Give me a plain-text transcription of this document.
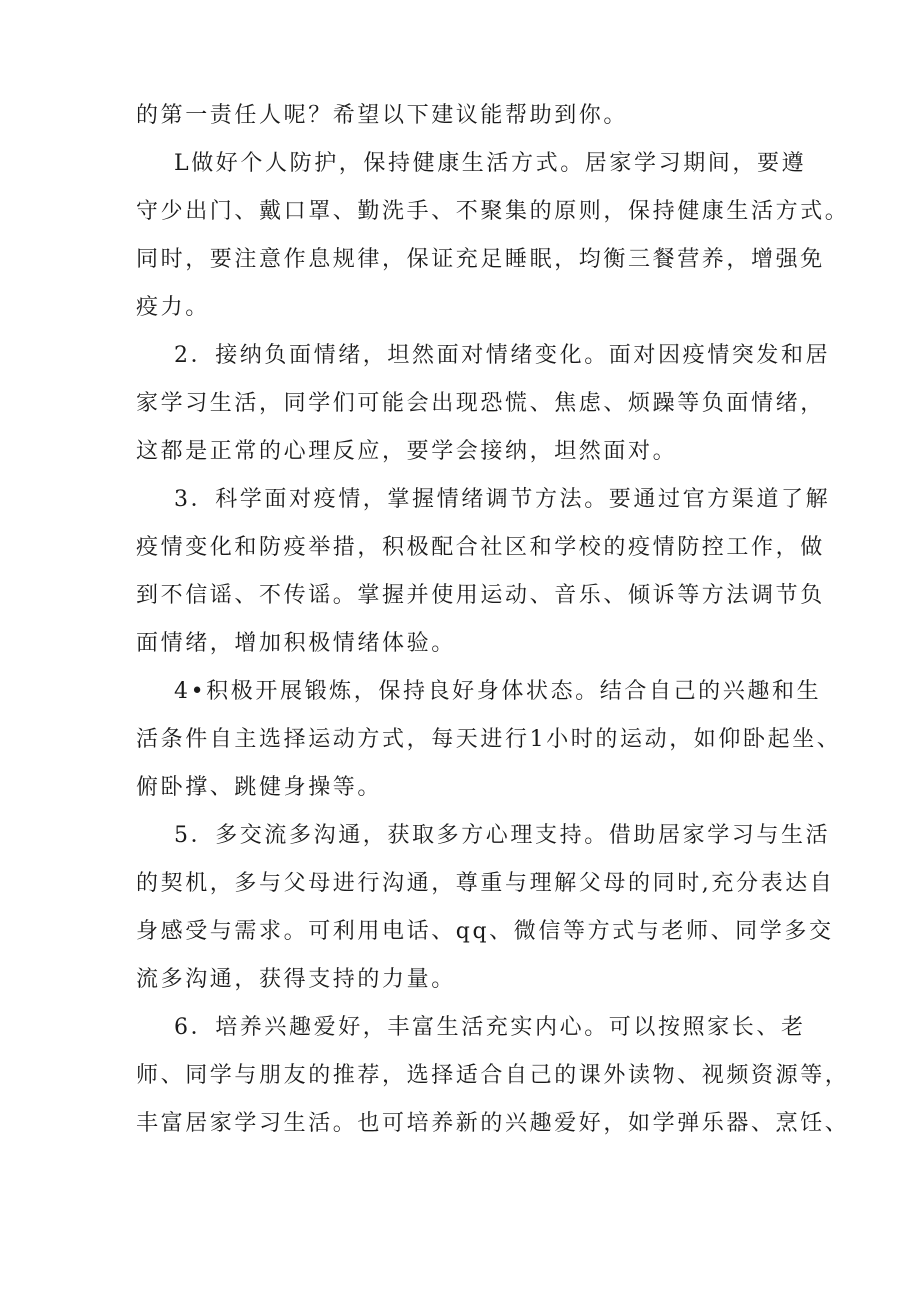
的第一责任人呢？希望以下建议能帮助到你。
L做好个人防护，保持健康生活方式。居家学习期间，要遵
守少出门、戴口罩、勤洗手、不聚集的原则，保持健康生活方式。
同时，要注意作息规律，保证充足睡眠，均衡三餐营养，增强免
疫力。
2．接纳负面情绪，坦然面对情绪变化。面对因疫情突发和居
家学习生活，同学们可能会出现恐慌、焦虑、烦躁等负面情绪，
这都是正常的心理反应，要学会接纳，坦然面对。
3．科学面对疫情，掌握情绪调节方法。要通过官方渠道了解
疫情变化和防疫举措，积极配合社区和学校的疫情防控工作，做
到不信谣、不传谣。掌握并使用运动、音乐、倾诉等方法调节负
面情绪，增加积极情绪体验。
4•积极开展锻炼，保持良好身体状态。结合自己的兴趣和生
活条件自主选择运动方式，每天进行1小时的运动，如仰卧起坐、
俯卧撑、跳健身操等。
5．多交流多沟通，获取多方心理支持。借助居家学习与生活
的契机，多与父母进行沟通，尊重与理解父母的同时,充分表达自
身感受与需求。可利用电话、qq、微信等方式与老师、同学多交
流多沟通，获得支持的力量。
6．培养兴趣爱好，丰富生活充实内心。可以按照家长、老
师、同学与朋友的推荐，选择适合自己的课外读物、视频资源等，
丰富居家学习生活。也可培养新的兴趣爱好，如学弹乐器、烹饪、
